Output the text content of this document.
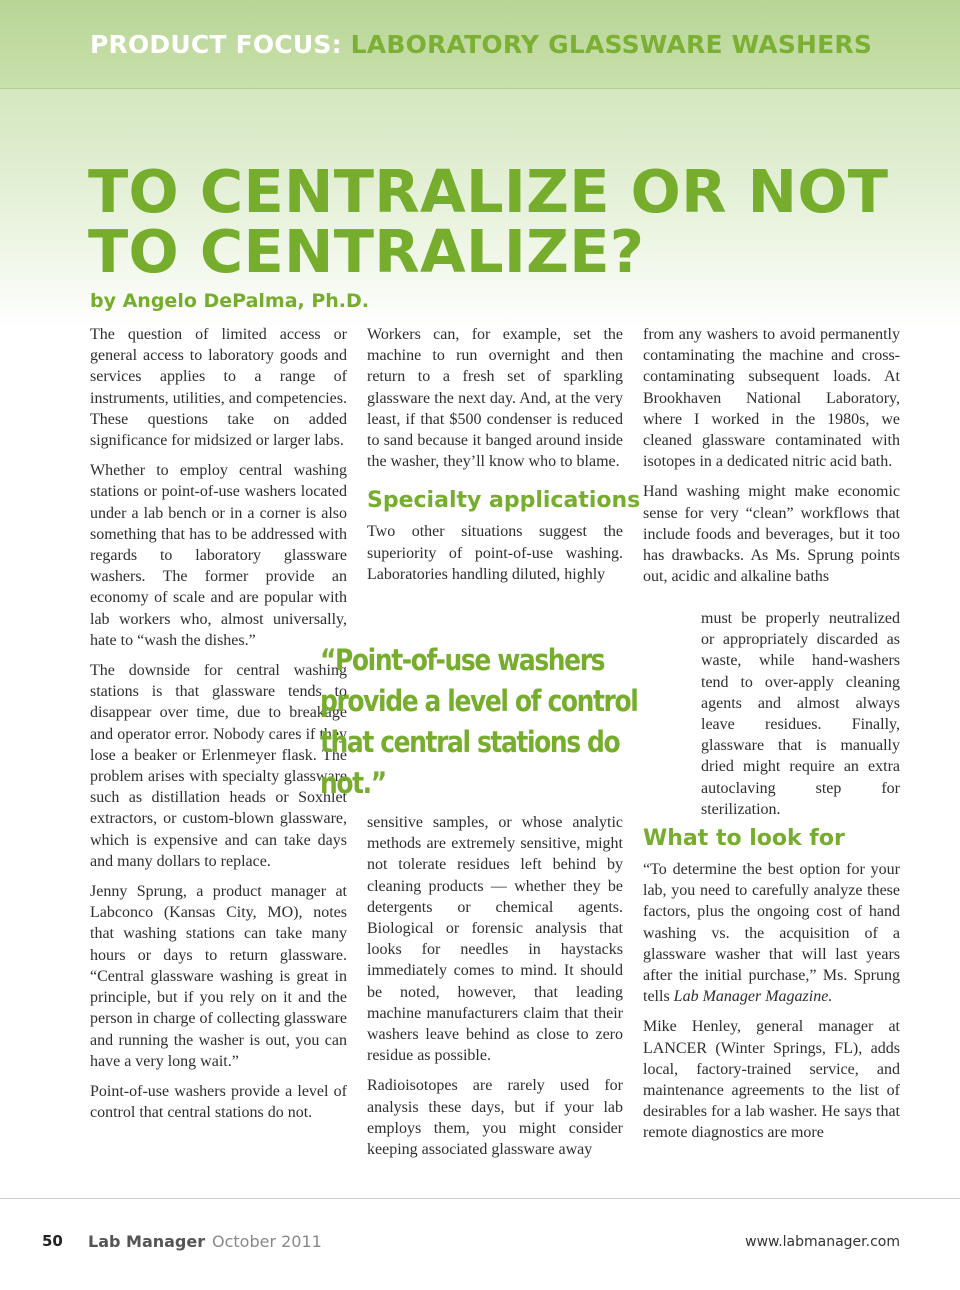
PRODUCT FOCUS: LABORATORY GLASSWARE WASHERS

TO CENTRALIZE OR NOT TO CENTRALIZE?

by Angelo DePalma, Ph.D.

The question of limited access or general access to laboratory goods and services applies to a range of instruments, utilities, and competencies. These questions take on added significance for midsized or larger labs.

Whether to employ central washing stations or point-of-use washers located under a lab bench or in a corner is also something that has to be addressed with regards to laboratory glassware washers. The former provide an economy of scale and are popular with lab workers who, almost universally, hate to “wash the dishes.”

The downside for central washing stations is that glassware tends to disappear over time, due to breakage and operator error. Nobody cares if they lose a beaker or Erlenmeyer flask. The problem arises with specialty glassware such as distillation heads or Soxhlet extractors, or custom-blown glassware, which is expensive and can take days and many dollars to replace.

Jenny Sprung, a product manager at Labconco (Kansas City, MO), notes that washing stations can take many hours or days to return glassware. “Central glassware washing is great in principle, but if you rely on it and the person in charge of collecting glassware and running the washer is out, you can have a very long wait.”

Point-of-use washers provide a level of control that central stations do not.

Workers can, for example, set the machine to run overnight and then return to a fresh set of sparkling glassware the next day. And, at the very least, if that $500 condenser is reduced to sand because it banged around inside the washer, they’ll know who to blame.

Specialty applications

Two other situations suggest the superiority of point-of-use washing. Laboratories handling diluted, highly

“Point-of-use washers provide a level of control that central stations do not.”

sensitive samples, or whose analytic methods are extremely sensitive, might not tolerate residues left behind by cleaning products — whether they be detergents or chemical agents. Biological or forensic analysis that looks for needles in haystacks immediately comes to mind. It should be noted, however, that leading machine manufacturers claim that their washers leave behind as close to zero residue as possible.

Radioisotopes are rarely used for analysis these days, but if your lab employs them, you might consider keeping associated glassware away

from any washers to avoid permanently contaminating the machine and cross-contaminating subsequent loads. At Brookhaven National Laboratory, where I worked in the 1980s, we cleaned glassware contaminated with isotopes in a dedicated nitric acid bath.

Hand washing might make economic sense for very “clean” workflows that include foods and beverages, but it too has drawbacks. As Ms. Sprung points out, acidic and alkaline baths

must be properly neutralized or appropriately discarded as waste, while hand-washers tend to over-apply cleaning agents and almost always leave residues. Finally, glassware that is manually dried might require an extra autoclaving step for sterilization.

What to look for

“To determine the best option for your lab, you need to carefully analyze these factors, plus the ongoing cost of hand washing vs. the acquisition of a glassware washer that will last years after the initial purchase,” Ms. Sprung tells Lab Manager Magazine.

Mike Henley, general manager at LANCER (Winter Springs, FL), adds local, factory-trained service, and maintenance agreements to the list of desirables for a lab washer. He says that remote diagnostics are more

50 Lab Manager October 2011	www.labmanager.com
